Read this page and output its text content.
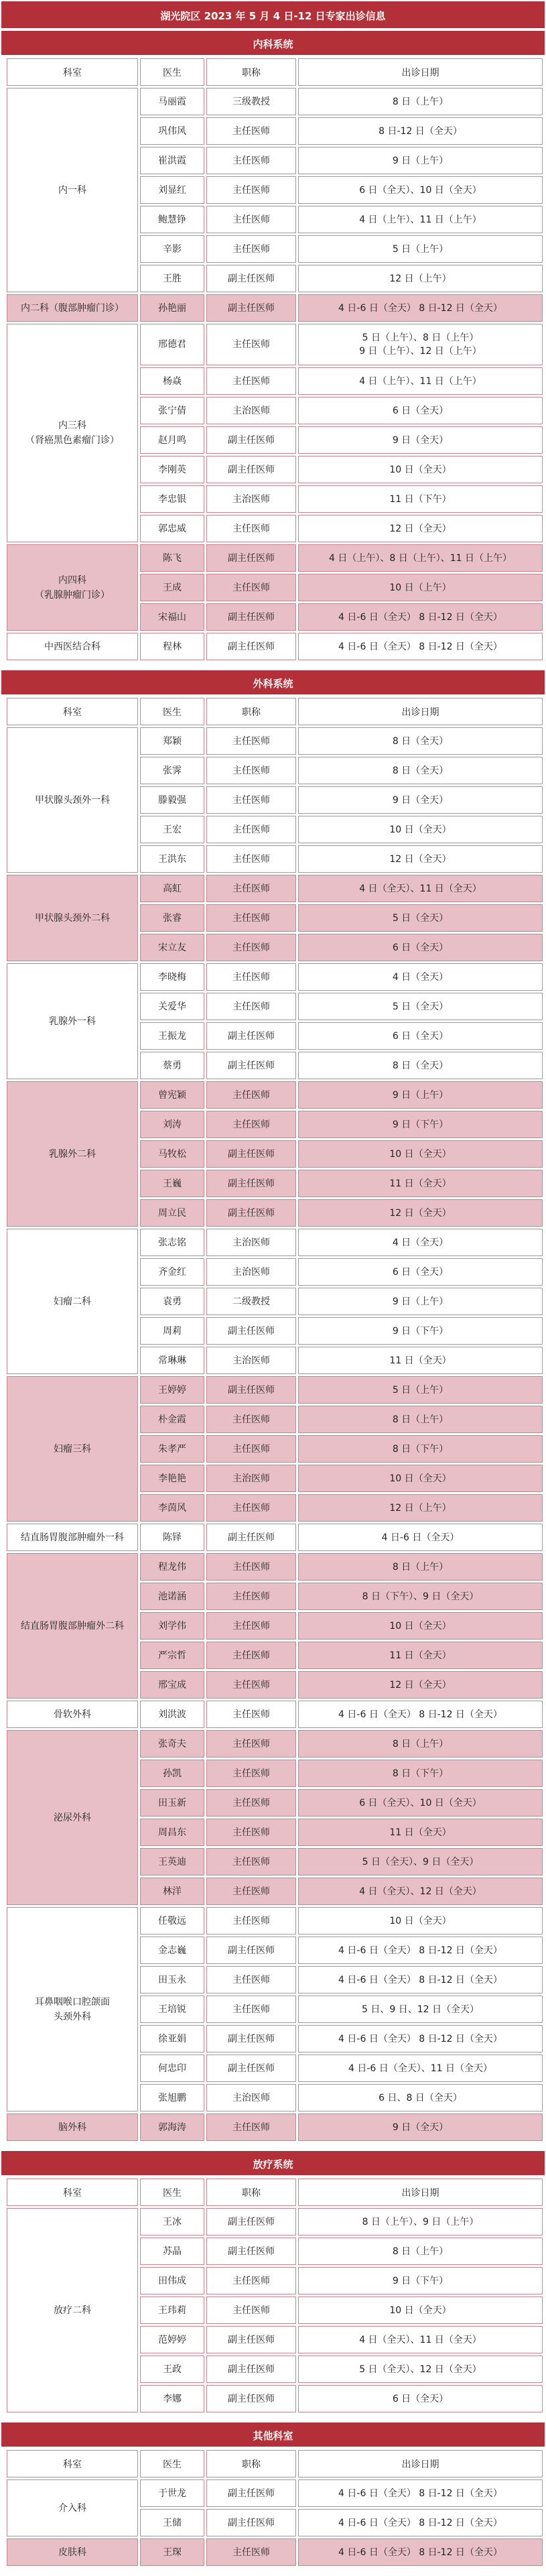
湖光院区 2023 年 5 月 4 日-12 日专家出诊信息
内科系统
科室	医生	职称	出诊日期
内一科	马丽霞	三级教授	8 日（上午）
	巩伟风	主任医师	8 日-12 日（全天）
	崔洪霞	主任医师	9 日（上午）
	刘显红	主任医师	6 日（全天）、10 日（全天）
	鲍慧铮	主任医师	4 日（上午）、11 日（上午）
	辛影	主任医师	5 日（上午）
	王胜	副主任医师	12 日（上午）
内二科（腹部肿瘤门诊）	孙艳丽	副主任医师	4 日-6 日（全天） 8 日-12 日（全天）
内三科
（肾癌黑色素瘤门诊）	邢德君	主任医师	5 日（上午）、8 日（上午）
9 日（上午）、12 日（上午）
	杨焱	主任医师	4 日（上午）、11 日（上午）
	张宁倩	主治医师	6 日（全天）
	赵月鸣	副主任医师	9 日（全天）
	李刚英	副主任医师	10 日（全天）
	李忠银	主治医师	11 日（下午）
	郭忠威	主任医师	12 日（全天）
内四科
（乳腺肿瘤门诊）	陈飞	副主任医师	4 日（上午）、8 日（上午）、11 日（上午）
	王成	主任医师	10 日（上午）
	宋福山	副主任医师	4 日-6 日（全天） 8 日-12 日（全天）
中西医结合科	程林	副主任医师	4 日-6 日（全天） 8 日-12 日（全天）
外科系统
科室	医生	职称	出诊日期
甲状腺头颈外一科	郑颖	主任医师	8 日（全天）
	张霁	主任医师	8 日（全天）
	滕毅强	主任医师	9 日（全天）
	王宏	主任医师	10 日（全天）
	王洪东	主任医师	12 日（全天）
甲状腺头颈外二科	高虹	主任医师	4 日（全天）、11 日（全天）
	张睿	主任医师	5 日（全天）
	宋立友	主任医师	6 日（全天）
乳腺外一科	李晓梅	主任医师	4 日（全天）
	关爱华	主任医师	5 日（全天）
	王振龙	副主任医师	6 日（全天）
	蔡勇	副主任医师	8 日（全天）
乳腺外二科	曾宪颖	主任医师	9 日（上午）
	刘涛	主任医师	9 日（下午）
	马牧松	副主任医师	10 日（全天）
	王巍	副主任医师	11 日（全天）
	周立民	副主任医师	12 日（全天）
妇瘤二科	张志铭	主治医师	4 日（全天）
	齐金红	主治医师	6 日（全天）
	袁勇	二级教授	9 日（上午）
	周莉	副主任医师	9 日（下午）
	常琳琳	主治医师	11 日（全天）
妇瘤三科	王婷婷	副主任医师	5 日（上午）
	朴金霞	主任医师	8 日（上午）
	朱孝严	主任医师	8 日（下午）
	李艳艳	主治医师	10 日（全天）
	李茵风	主任医师	12 日（上午）
结直肠胃腹部肿瘤外一科	陈铎	副主任医师	4 日-6 日（全天）
结直肠胃腹部肿瘤外二科	程龙伟	主任医师	8 日（上午）
	池诺涵	主任医师	8 日（下午）、9 日（全天）
	刘学伟	主任医师	10 日（全天）
	严宗哲	主任医师	11 日（全天）
	邢宝成	主任医师	12 日（全天）
骨软外科	刘洪波	主任医师	4 日-6 日（全天） 8 日-12 日（全天）
泌尿外科	张奇夫	主任医师	8 日（上午）
	孙凯	主任医师	8 日（下午）
	田玉新	主任医师	6 日（全天）、10 日（全天）
	周昌东	主任医师	11 日（全天）
	王英迪	主任医师	5 日（全天）、9 日（全天）
	林洋	主任医师	4 日（全天）、12 日（全天）
耳鼻咽喉口腔颌面
头颈外科	任敬远	主任医师	10 日（全天）
	金志巍	副主任医师	4 日-6 日（全天） 8 日-12 日（全天）
	田玉永	主任医师	4 日-6 日（全天） 8 日-12 日（全天）
	王培锐	主任医师	5 日、9 日、12 日（全天）
	徐亚娟	副主任医师	4 日-6 日（全天） 8 日-12 日（全天）
	何忠印	副主任医师	4 日-6 日（全天）、11 日（全天）
	张旭鹏	主治医师	6 日、8 日（全天）
脑外科	郭海涛	主任医师	9 日（全天）
放疗系统
科室	医生	职称	出诊日期
放疗二科	王冰	副主任医师	8 日（上午）、9 日（上午）
	苏晶	副主任医师	8 日（上午）
	田伟成	主任医师	9 日（下午）
	王玮莉	主任医师	10 日（全天）
	范婷婷	副主任医师	4 日（全天）、11 日（全天）
	王政	副主任医师	5 日（全天）、12 日（全天）
	李娜	副主任医师	6 日（全天）
其他科室
科室	医生	职称	出诊日期
介入科	于世龙	副主任医师	4 日-6 日（全天） 8 日-12 日（全天）
	王储	副主任医师	4 日-6 日（全天） 8 日-12 日（全天）
皮肤科	王琛	主任医师	4 日-6 日（全天） 8 日-12 日（全天）
